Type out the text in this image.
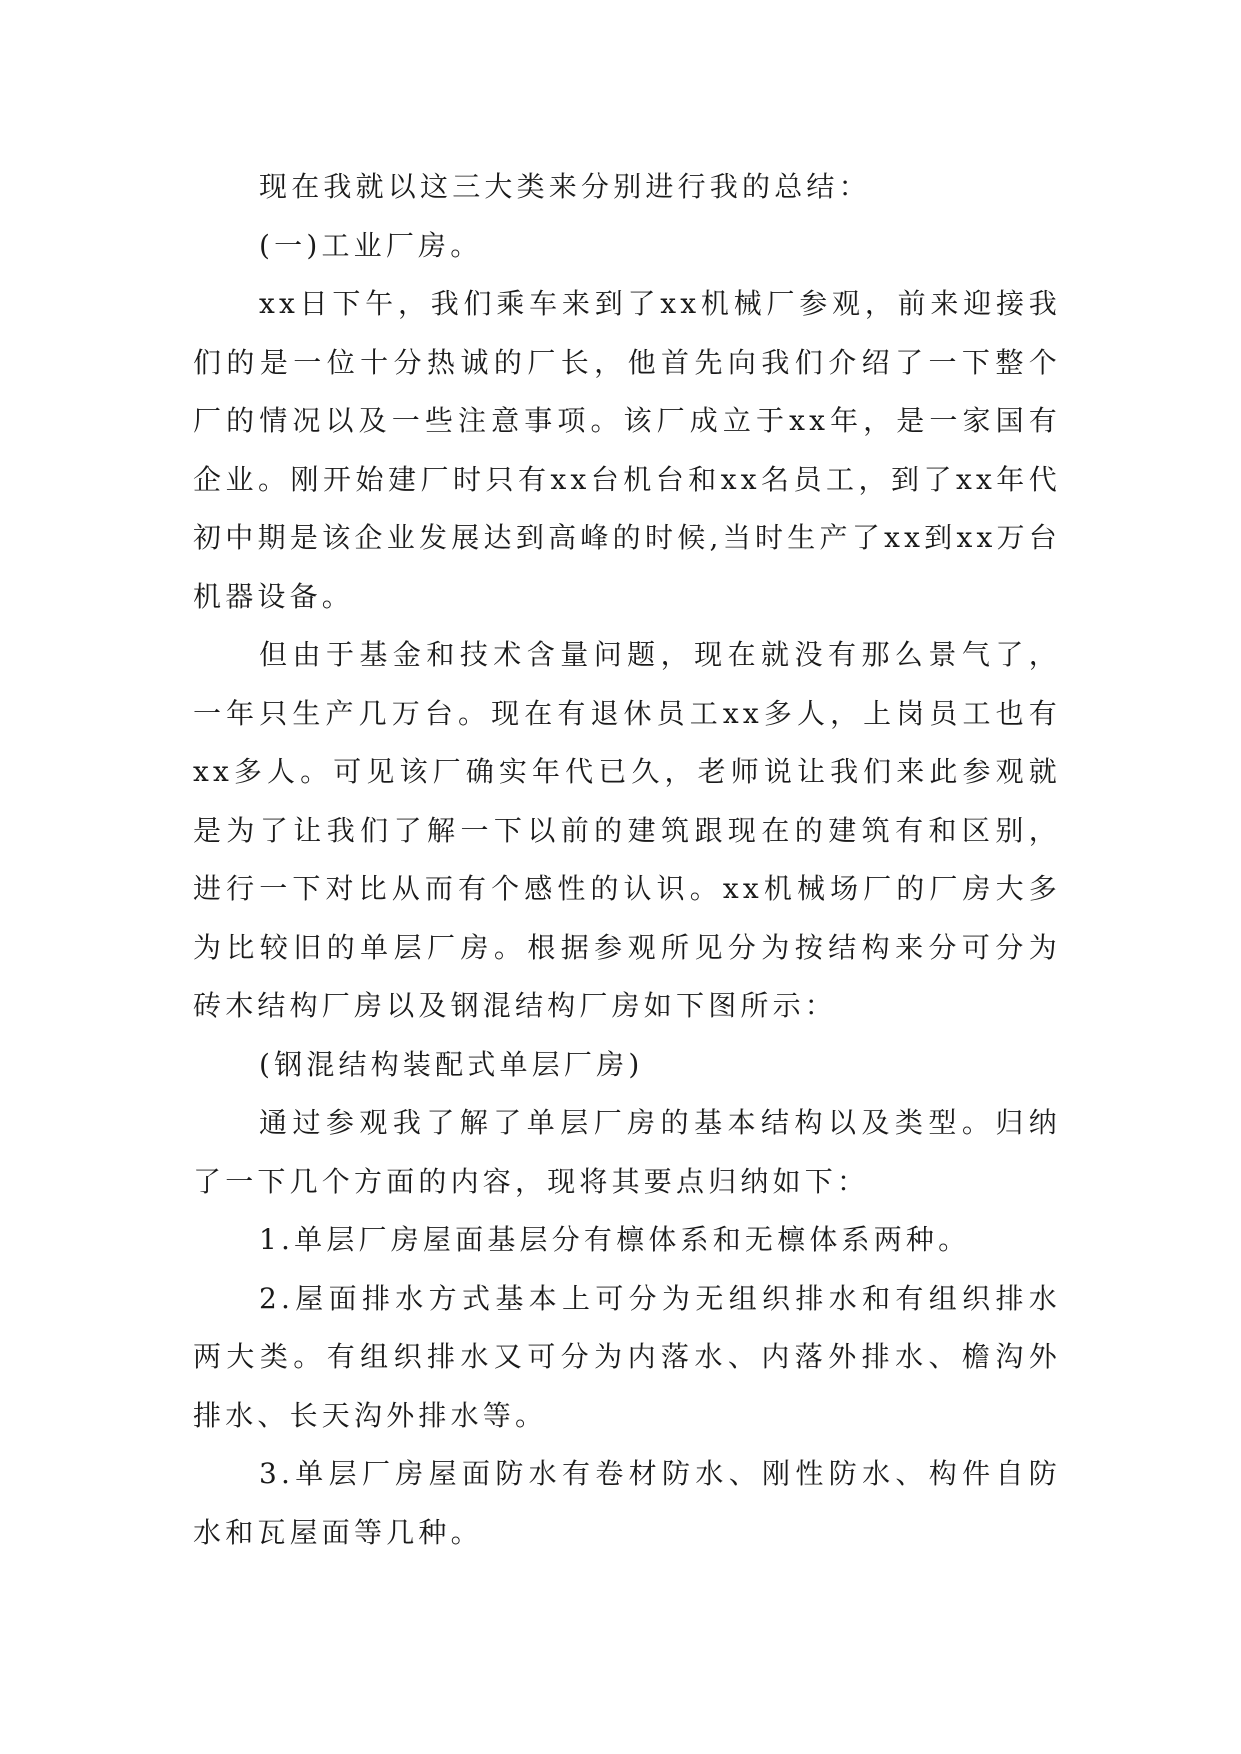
现在我就以这三大类来分别进行我的总结：

(一)工业厂房。

xx日下午，我们乘车来到了xx机械厂参观，前来迎接我们的是一位十分热诚的厂长，他首先向我们介绍了一下整个厂的情况以及一些注意事项。该厂成立于xx年，是一家国有企业。刚开始建厂时只有xx台机台和xx名员工，到了xx年代初中期是该企业发展达到高峰的时候,当时生产了xx到xx万台机器设备。

但由于基金和技术含量问题，现在就没有那么景气了，一年只生产几万台。现在有退休员工xx多人，上岗员工也有xx多人。可见该厂确实年代已久，老师说让我们来此参观就是为了让我们了解一下以前的建筑跟现在的建筑有和区别，进行一下对比从而有个感性的认识。xx机械场厂的厂房大多为比较旧的单层厂房。根据参观所见分为按结构来分可分为砖木结构厂房以及钢混结构厂房如下图所示：

(钢混结构装配式单层厂房)

通过参观我了解了单层厂房的基本结构以及类型。归纳了一下几个方面的内容，现将其要点归纳如下：

1.单层厂房屋面基层分有檩体系和无檩体系两种。

2.屋面排水方式基本上可分为无组织排水和有组织排水两大类。有组织排水又可分为内落水、内落外排水、檐沟外排水、长天沟外排水等。

3.单层厂房屋面防水有卷材防水、刚性防水、构件自防水和瓦屋面等几种。
